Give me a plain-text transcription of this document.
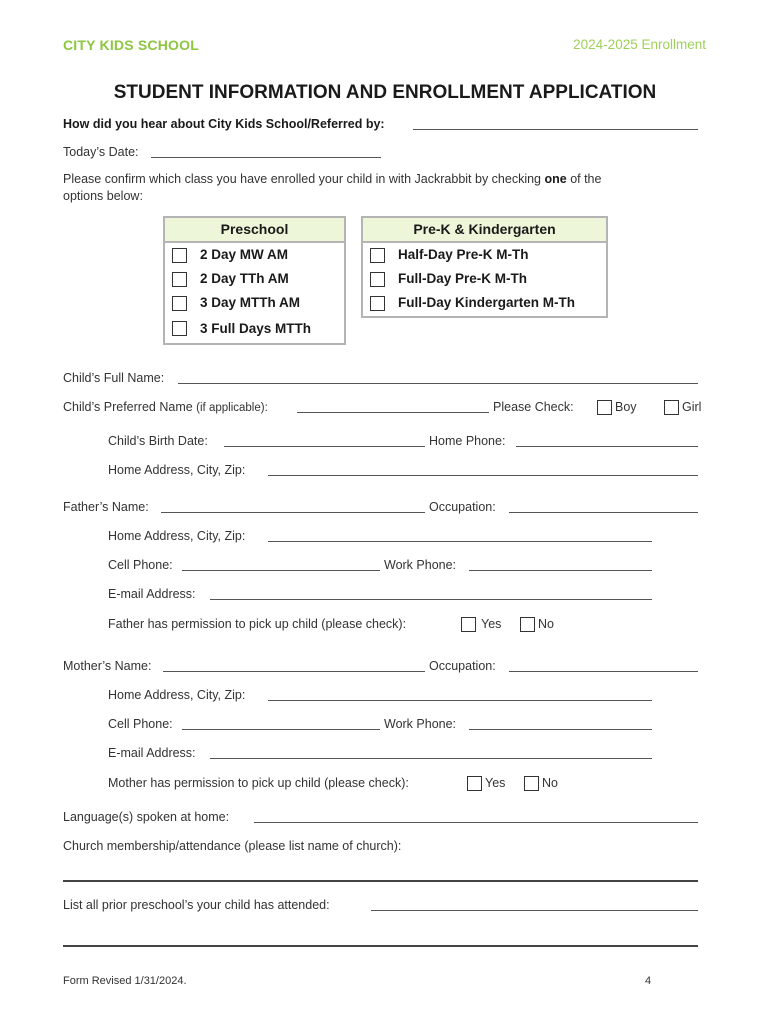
CITY KIDS SCHOOL	2024-2025 Enrollment
STUDENT INFORMATION AND ENROLLMENT APPLICATION
How did you hear about City Kids School/Referred by:
Today’s Date:
Please confirm which class you have enrolled your child in with Jackrabbit by checking one of the
options below:
Preschool
2 Day MW AM
2 Day TTh AM
3 Day MTTh AM
3 Full Days MTTh
Pre-K & Kindergarten
Half-Day Pre-K M-Th
Full-Day Pre-K M-Th
Full-Day Kindergarten M-Th
Child’s Full Name:
Child’s Preferred Name (if applicable):	Please Check:	Boy	Girl
Child’s Birth Date:	Home Phone:
Home Address, City, Zip:
Father’s Name:	Occupation:
Home Address, City, Zip:
Cell Phone:	Work Phone:
E-mail Address:
Father has permission to pick up child (please check):	Yes	No
Mother’s Name:	Occupation:
Home Address, City, Zip:
Cell Phone:	Work Phone:
E-mail Address:
Mother has permission to pick up child (please check):	Yes	No
Language(s) spoken at home:
Church membership/attendance (please list name of church):
List all prior preschool’s your child has attended:
Form Revised 1/31/2024.	4
